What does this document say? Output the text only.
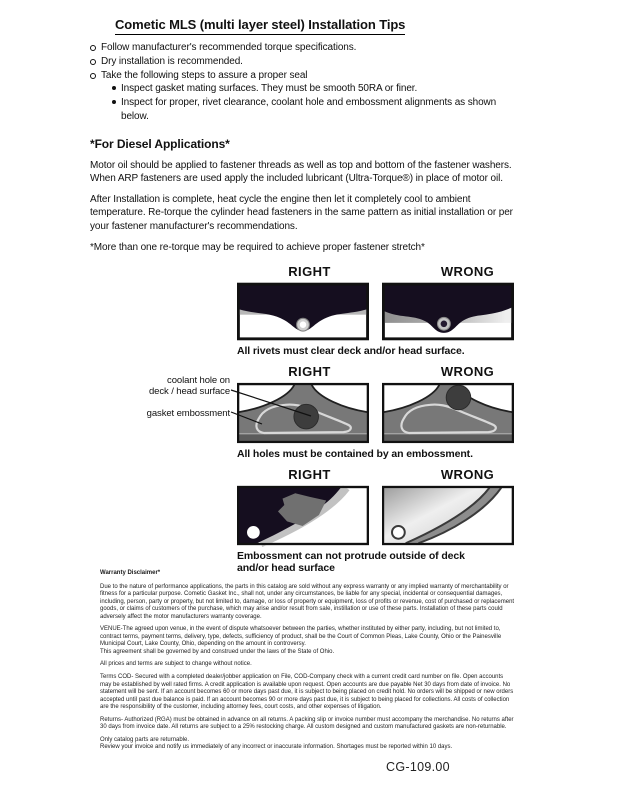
Cometic MLS (multi layer steel) Installation Tips
Follow manufacturer's recommended torque specifications.
Dry installation is recommended.
Take the following steps to assure a proper seal
Inspect gasket mating surfaces. They must be smooth 50RA or finer.
Inspect for proper, rivet clearance, coolant hole and embossment alignments as shown below.
*For Diesel Applications*
Motor oil should be applied to fastener threads as well as top and bottom of the fastener washers. When ARP fasteners are used apply the included lubricant (Ultra-Torque®) in place of motor oil.
After Installation is complete, heat cycle the engine then let it completely cool to ambient temperature. Re-torque the cylinder head fasteners in the same pattern as initial installation or per your fastener manufacturer's recommendations.
*More than one re-torque may be required to achieve proper fastener stretch*
RIGHT	WRONG
All rivets must clear deck and/or head surface.
RIGHT	WRONG
coolant hole on
deck / head surface
gasket embossment
All holes must be contained by an embossment.
RIGHT	WRONG
Embossment can not protrude outside of deck
and/or head surface

Warranty Disclaimer*

Due to the nature of performance applications, the parts in this catalog are sold without any express warranty or any implied warranty of merchantability or fitness for a particular purpose. Cometic Gasket Inc., shall not, under any circumstances, be liable for any special, incidental or consequential damages, including, person, party or property, but not limited to, damage, or loss of property or equipment, loss of profits or revenue, cost of purchased or replacement goods, or claims of customers of the purchase, which may arise and/or result from sale, instillation or use of these parts. Installation of these parts could adversely affect the motor manufacturers warranty coverage.

VENUE-The agreed upon venue, in the event of dispute whatsoever between the parties, whether instituted by either party, including, but not limited to, contract terms, payment terms, delivery, type, defects, sufficiency of product, shall be the Court of Common Pleas, Lake County, Ohio or the Painesville Municipal Court, Lake County, Ohio, depending on the amount in controversy.

This agreement shall be governed by and construed under the laws of the State of Ohio.

All prices and terms are subject to change without notice.

Terms COD- Secured with a completed dealer/jobber application on File, COD-Company check with a current credit card number on file. Open accounts may be established by well rated firms. A credit application is available upon request. Open accounts are due payable Net 30 days from date of invoice. No statement will be sent. If an account becomes 60 or more days past due, it is subject to being placed on credit hold. No orders will be shipped or new orders accepted until past due balance is paid. If an account becomes 90 or more days past due, it is subject to being placed for collections. All costs of collection are the responsibility of the customer, including attorney fees, court costs, and other expenses of litigation.

Returns- Authorized (RGA) must be obtained in advance on all returns. A packing slip or invoice number must accompany the merchandise. No returns after 30 days from invoice date. All returns are subject to a 25% restocking charge. All custom designed and custom manufactured gaskets are non-returnable.

Only catalog parts are returnable.

Review your invoice and notify us immediately of any incorrect or inaccurate information. Shortages must be reported within 10 days.

CG-109.00
